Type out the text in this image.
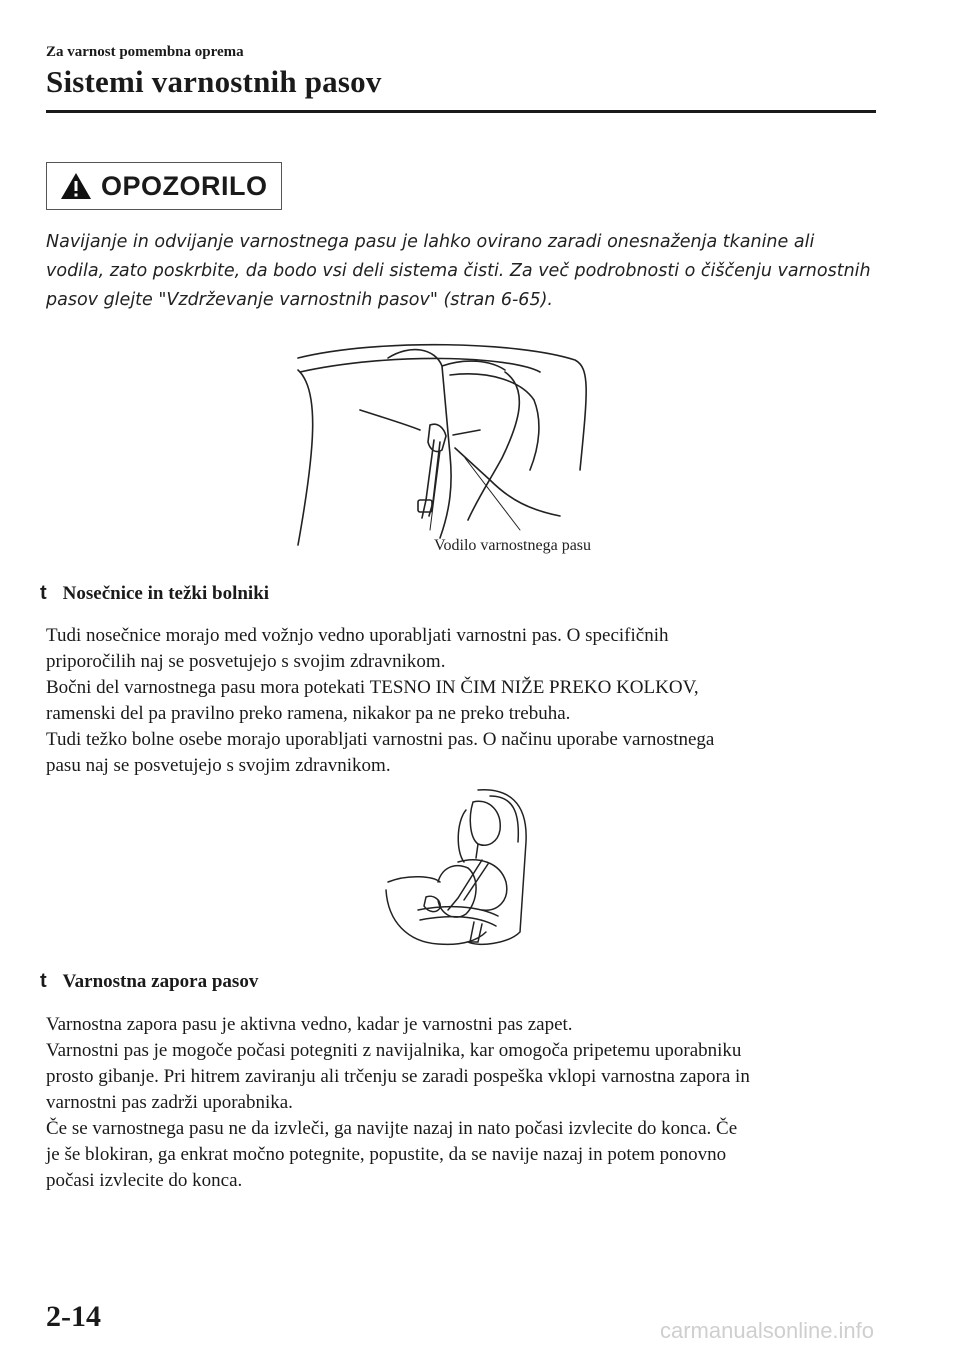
Za varnost pomembna oprema
Sistemi varnostnih pasov
OPOZORILO
Navijanje in odvijanje varnostnega pasu je lahko ovirano zaradi onesnaženja tkanine ali vodila, zato poskrbite, da bodo vsi deli sistema čisti. Za več podrobnosti o čiščenju varnostnih pasov glejte "Vzdrževanje varnostnih pasov" (stran 6-65).
Vodilo varnostnega pasu
t Nosečnice in težki bolniki
Tudi nosečnice morajo med vožnjo vedno uporabljati varnostni pas. O specifičnih
priporočilih naj se posvetujejo s svojim zdravnikom.
Bočni del varnostnega pasu mora potekati TESNO IN ČIM NIŽE PREKO KOLKOV,
ramenski del pa pravilno preko ramena, nikakor pa ne preko trebuha.
Tudi težko bolne osebe morajo uporabljati varnostni pas. O načinu uporabe varnostnega
pasu naj se posvetujejo s svojim zdravnikom.
t Varnostna zapora pasov
Varnostna zapora pasu je aktivna vedno, kadar je varnostni pas zapet.
Varnostni pas je mogoče počasi potegniti z navijalnika, kar omogoča pripetemu uporabniku
prosto gibanje. Pri hitrem zaviranju ali trčenju se zaradi pospeška vklopi varnostna zapora in
varnostni pas zadrži uporabnika.
Če se varnostnega pasu ne da izvleči, ga navijte nazaj in nato počasi izvlecite do konca. Če
je še blokiran, ga enkrat močno potegnite, popustite, da se navije nazaj in potem ponovno
počasi izvlecite do konca.
2-14	carmanualsonline.info
